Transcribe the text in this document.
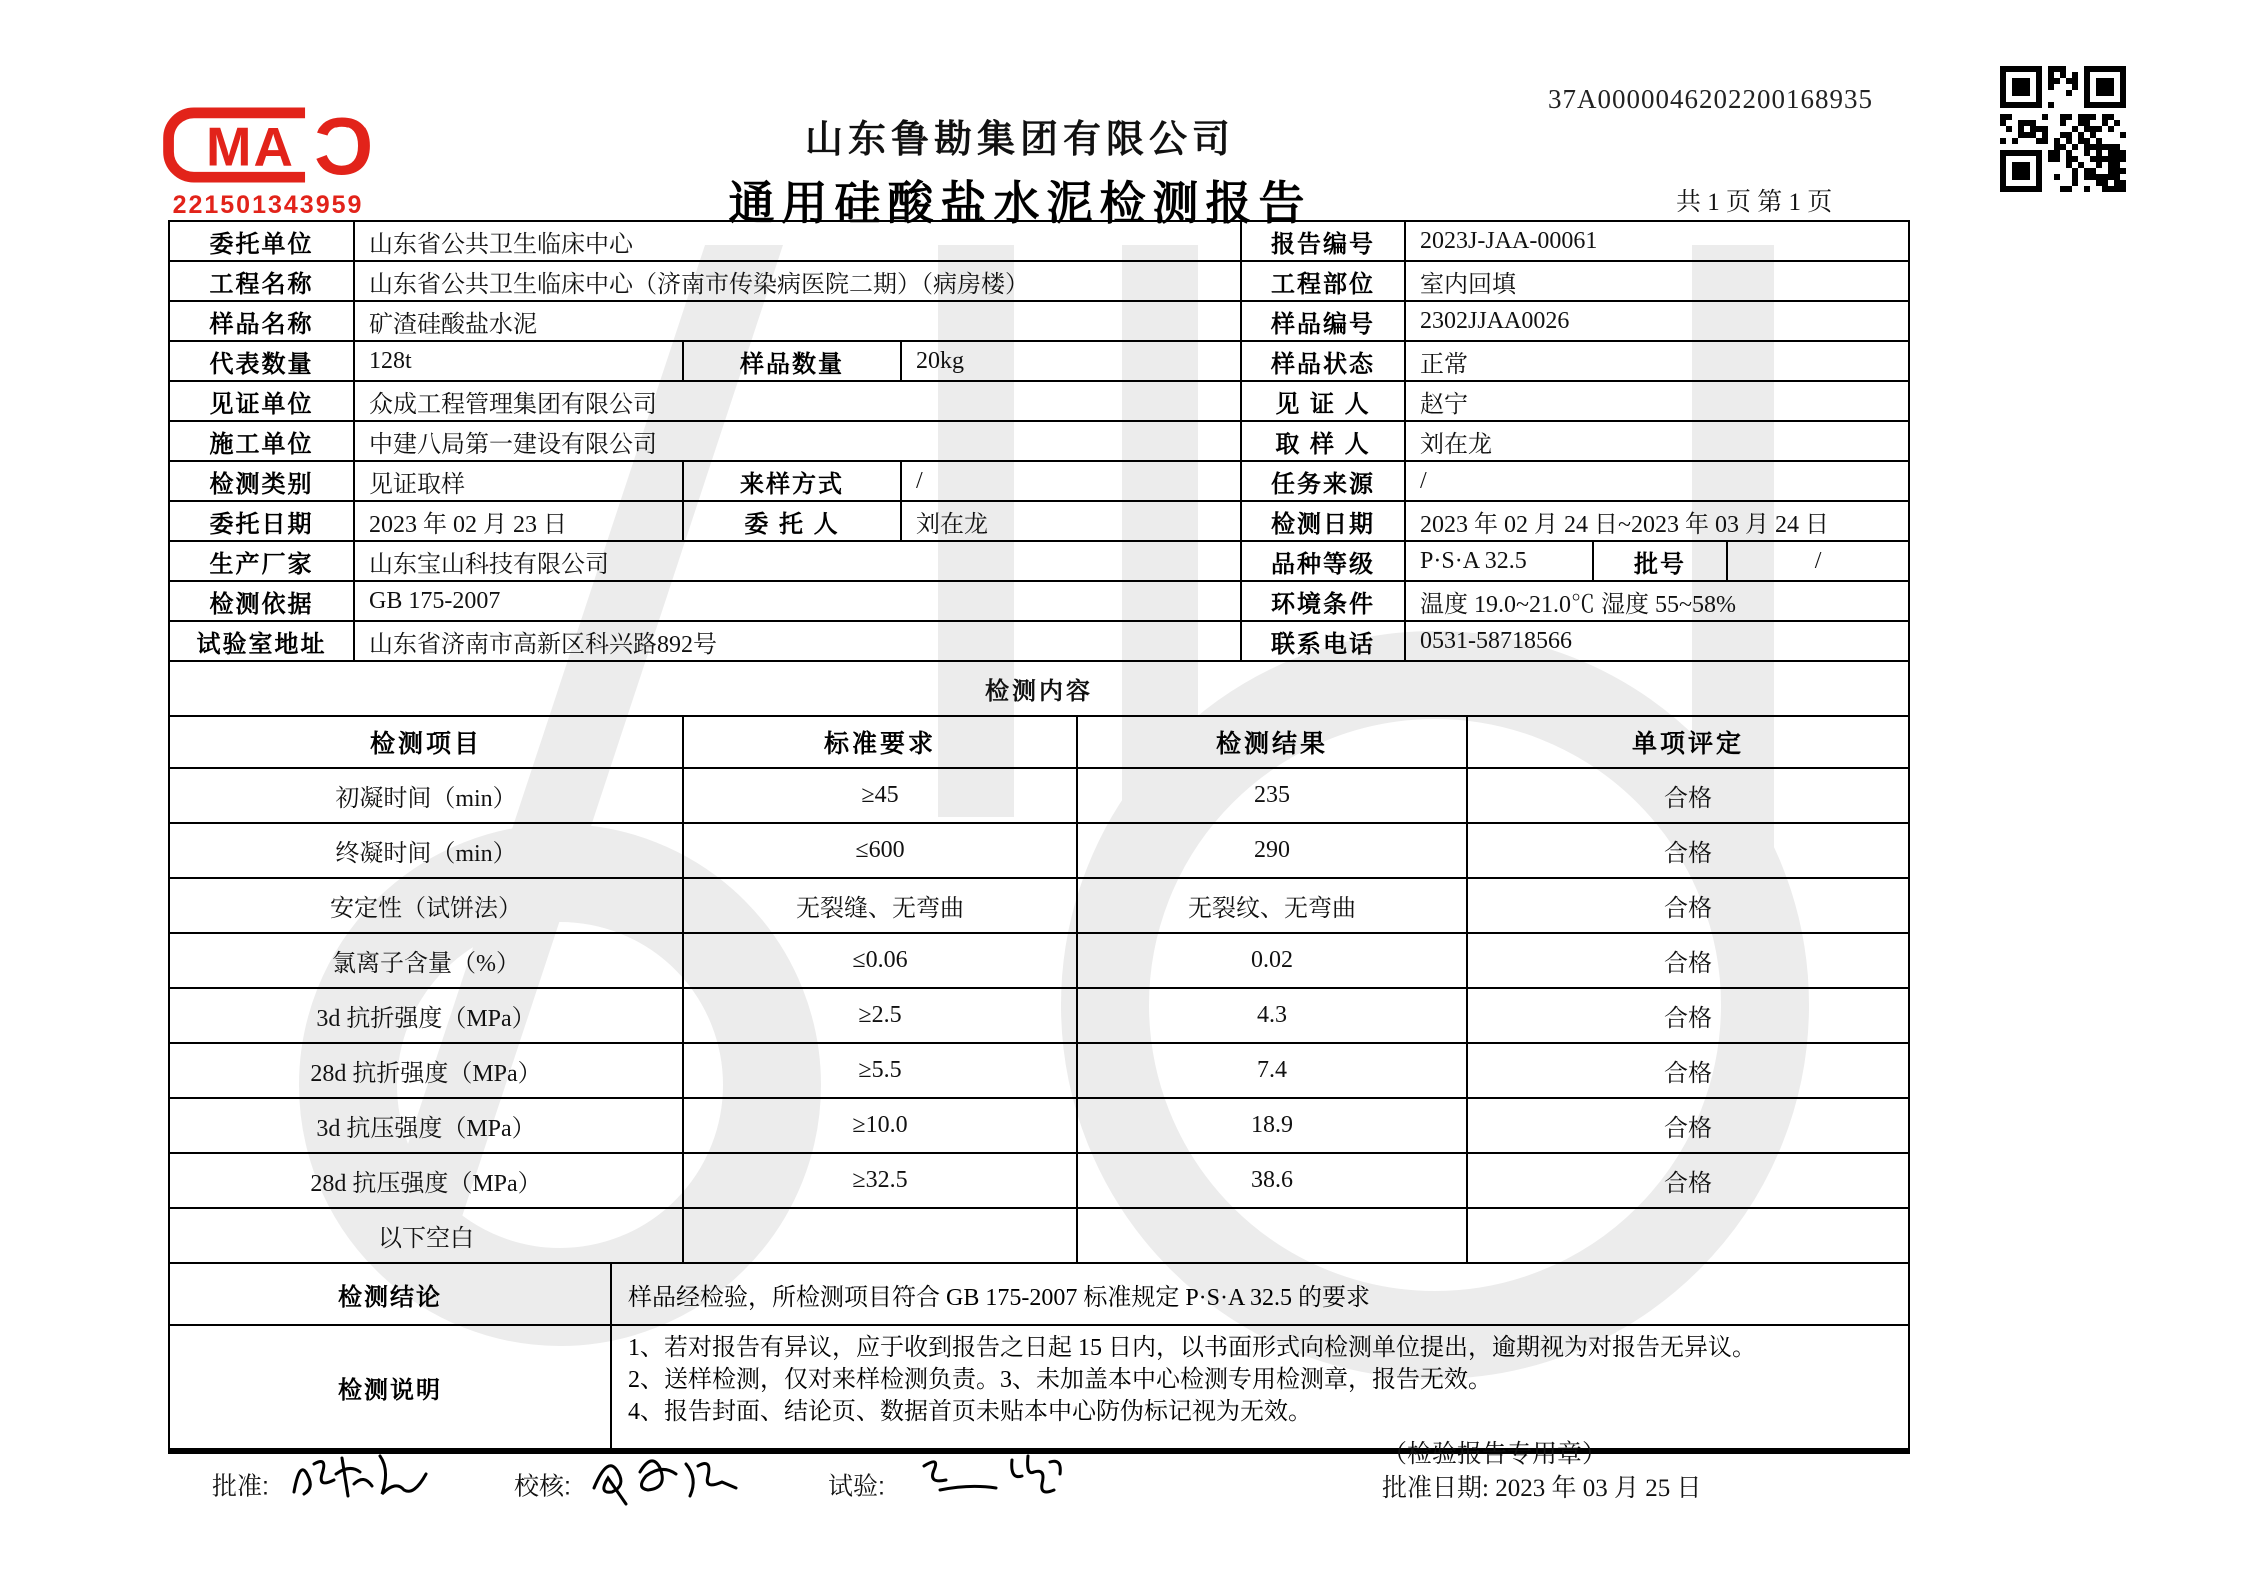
C
MA
221501343959
山东鲁勘集团有限公司
通用硅酸盐水泥检测报告
37A0000046202200168935
共 1 页 第 1 页
委托单位	山东省公共卫生临床中心			报告编号	2023J-JAA-00061		
工程名称	山东省公共卫生临床中心（济南市传染病医院二期）（病房楼）			工程部位	室内回填		
样品名称	矿渣硅酸盐水泥			样品编号	2302JJAA0026		
代表数量	128t	样品数量	20kg	样品状态	正常		
见证单位	众成工程管理集团有限公司			见 证 人	赵宁		
施工单位	中建八局第一建设有限公司			取 样 人	刘在龙		
检测类别	见证取样	来样方式	/	任务来源	/		
委托日期	2023 年 02 月 23 日	委 托 人	刘在龙	检测日期	2023 年 02 月 24 日~2023 年 03 月 24 日		
生产厂家	山东宝山科技有限公司			品种等级	P·S·A 32.5	批号	/
检测依据	GB 175-2007			环境条件	温度 19.0~21.0℃ 湿度 55~58%		
试验室地址	山东省济南市高新区科兴路892号			联系电话	0531-58718566		
检测内容			
检测项目	标准要求	检测结果	单项评定
初凝时间（min）	≥45	235	合格
终凝时间（min）	≤600	290	合格
安定性（试饼法）	无裂缝、无弯曲	无裂纹、无弯曲	合格
氯离子含量（%）	≤0.06	0.02	合格
3d 抗折强度（MPa）	≥2.5	4.3	合格
28d 抗折强度（MPa）	≥5.5	7.4	合格
3d 抗压强度（MPa）	≥10.0	18.9	合格
28d 抗压强度（MPa）	≥32.5	38.6	合格
以下空白			
检测结论	样品经检验，所检测项目符合 GB 175-2007 标准规定 P·S·A 32.5 的要求
检测说明	1、若对报告有异议，应于收到报告之日起 15 日内，以书面形式向检测单位提出，逾期视为对报告无异议。
2、送样检测，仅对来样检测负责。3、未加盖本中心检测专用检测章，报告无效。
4、报告封面、结论页、数据首页未贴本中心防伪标记视为无效。
批准:	校核:	试验:
（检验报告专用章）
批准日期: 2023 年 03 月 25 日
